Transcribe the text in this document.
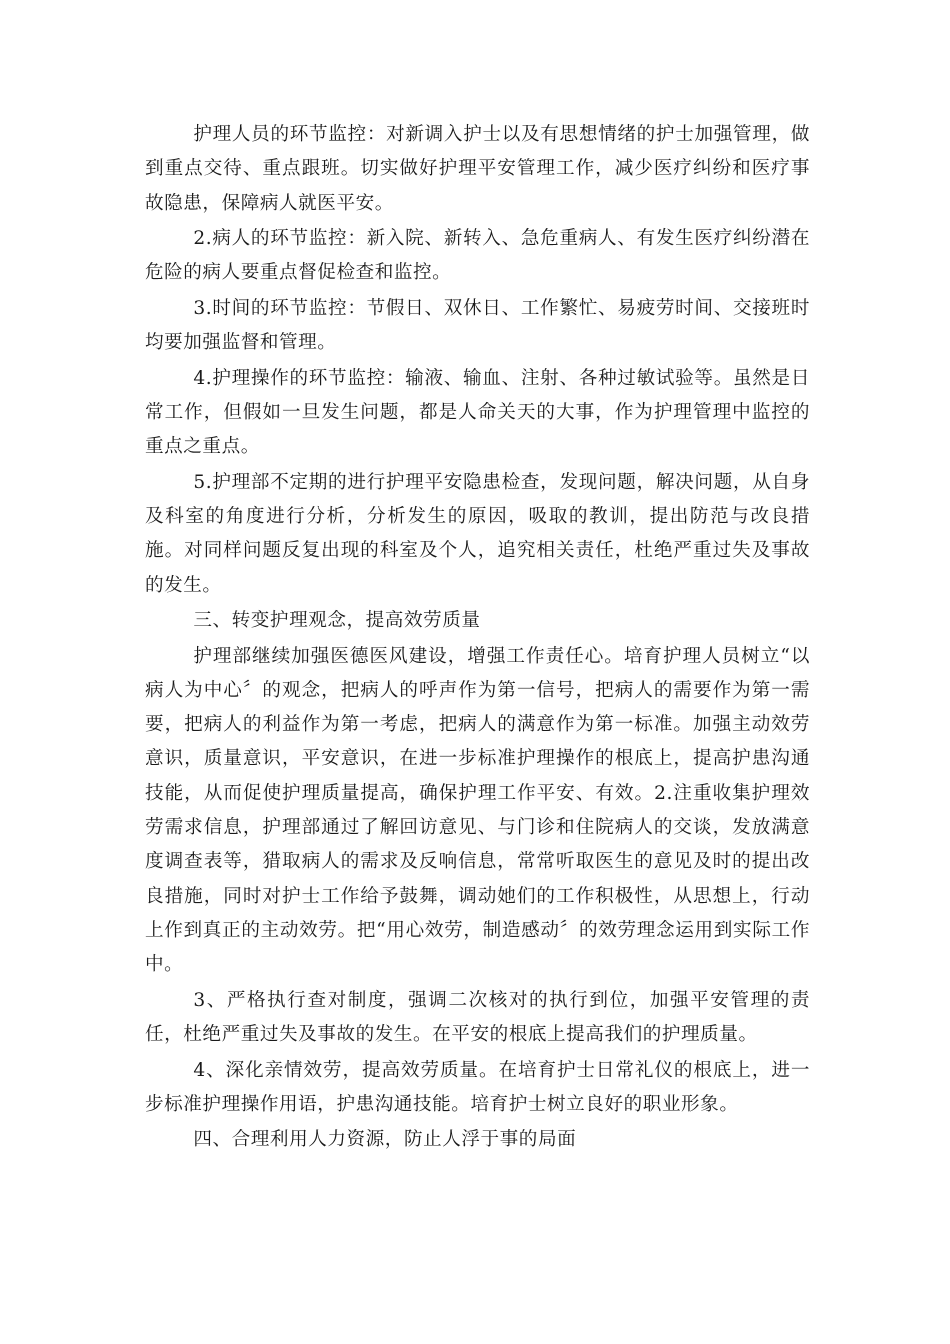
护理人员的环节监控：对新调入护士以及有思想情绪的护士加强管理，做到重点交待、重点跟班。切实做好护理平安管理工作，减少医疗纠纷和医疗事故隐患，保障病人就医平安。

2.病人的环节监控：新入院、新转入、急危重病人、有发生医疗纠纷潜在危险的病人要重点督促检查和监控。

3.时间的环节监控：节假日、双休日、工作繁忙、易疲劳时间、交接班时均要加强监督和管理。

4.护理操作的环节监控：输液、输血、注射、各种过敏试验等。虽然是日常工作，但假如一旦发生问题，都是人命关天的大事，作为护理管理中监控的重点之重点。

5.护理部不定期的进行护理平安隐患检查，发现问题，解决问题，从自身及科室的角度进行分析，分析发生的原因，吸取的教训，提出防范与改良措施。对同样问题反复出现的科室及个人，追究相关责任，杜绝严重过失及事故的发生。

三、转变护理观念，提高效劳质量

护理部继续加强医德医风建设，增强工作责任心。培育护理人员树立“以病人为中心〞的观念，把病人的呼声作为第一信号，把病人的需要作为第一需要，把病人的利益作为第一考虑，把病人的满意作为第一标准。加强主动效劳意识，质量意识，平安意识，在进一步标准护理操作的根底上，提高护患沟通技能，从而促使护理质量提高，确保护理工作平安、有效。2.注重收集护理效劳需求信息，护理部通过了解回访意见、与门诊和住院病人的交谈，发放满意度调查表等，猎取病人的需求及反响信息，常常听取医生的意见及时的提出改良措施，同时对护士工作给予鼓舞，调动她们的工作积极性，从思想上，行动上作到真正的主动效劳。把“用心效劳，制造感动〞的效劳理念运用到实际工作中。

3、严格执行查对制度，强调二次核对的执行到位，加强平安管理的责任，杜绝严重过失及事故的发生。在平安的根底上提高我们的护理质量。

4、深化亲情效劳，提高效劳质量。在培育护士日常礼仪的根底上，进一步标准护理操作用语，护患沟通技能。培育护士树立良好的职业形象。

四、合理利用人力资源，防止人浮于事的局面
